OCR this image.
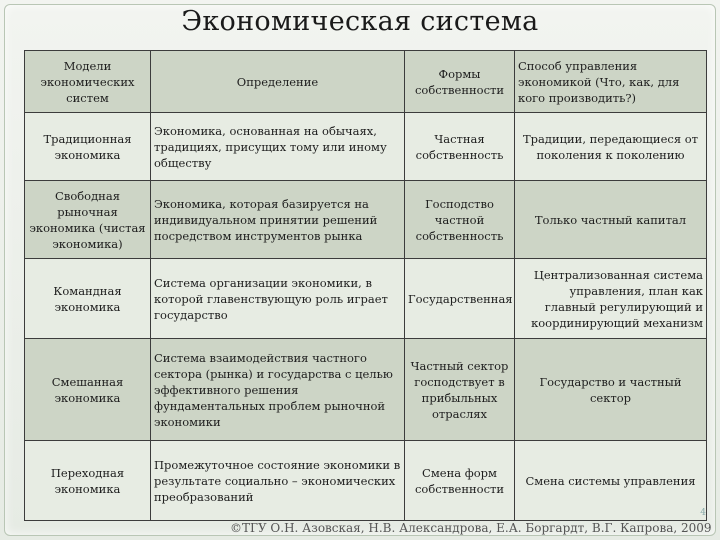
Экономическая система
Модели экономических систем	Определение	Формы собственности	Способ управления экономикой (Что, как, для кого производить?)
Традиционная экономика	Экономика, основанная на обычаях, традициях, присущих тому или иному обществу	Частная собственность	Традиции, передающиеся от поколения к поколению
Свободная рыночная экономика (чистая экономика)	Экономика, которая базируется на индивидуальном принятии решений посредством инструментов рынка	Господство частной собственность	Только частный капитал
Командная экономика	Система организации экономики, в которой главенствующую роль играет государство	Государственная	Централизованная система управления, план как главный регулирующий и координирующий механизм
Смешанная экономика	Система взаимодействия частного сектора (рынка) и государства с целью эффективного решения фундаментальных проблем рыночной экономики	Частный сектор господствует в прибыльных отраслях	Государство и частный сектор
Переходная экономика	Промежуточное состояние экономики в результате социально – экономических преобразований	Смена форм собственности	Смена системы управления
4
©ТГУ О.Н. Азовская, Н.В. Александрова, Е.А. Боргардт, В.Г. Капрова, 2009
